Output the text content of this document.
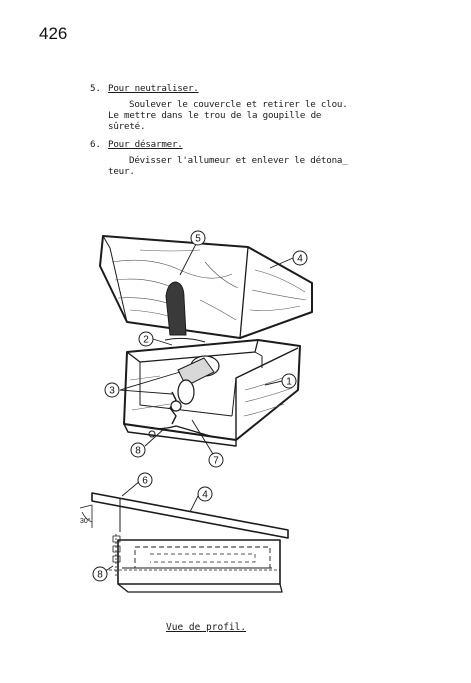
426
5. Pour neutraliser.
Soulever le couvercle et retirer le clou.
Le mettre dans le trou de la goupille de
sûreté.
6. Pour désarmer.
Dévisser l'allumeur et enlever le détona_
teur.
5
4
2
1
3
8
7
30°
6
4
8
Vue de profil.
